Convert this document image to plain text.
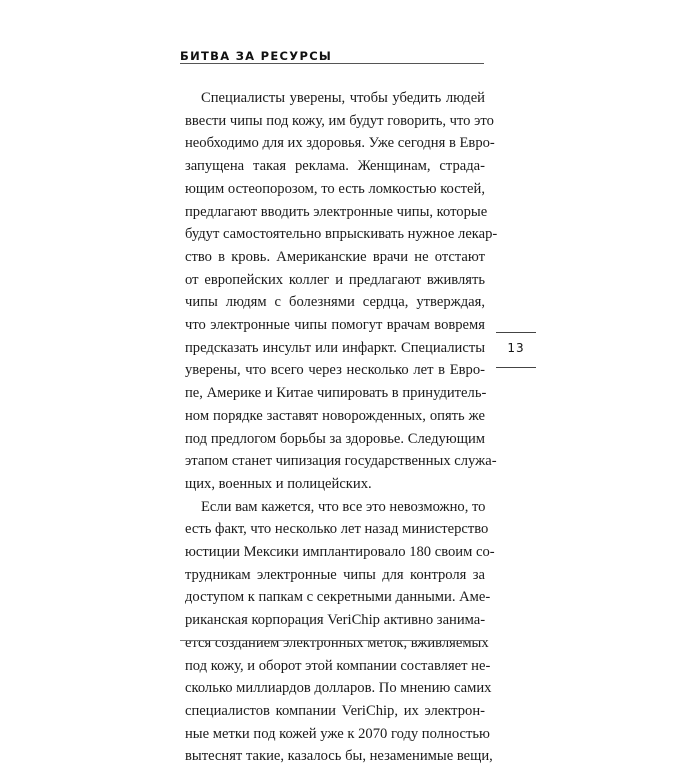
БИТВА ЗА РЕСУРСЫ
Специалисты уверены, чтобы убедить людей
ввести чипы под кожу, им будут говорить, что это
необходимо для их здоровья. Уже сегодня в Евро-
запущена такая реклама. Женщинам, страда-
ющим остеопорозом, то есть ломкостью костей,
предлагают вводить электронные чипы, которые
будут самостоятельно впрыскивать нужное лекар-
ство в кровь. Американские врачи не отстают
от европейских коллег и предлагают вживлять
чипы людям с болезнями сердца, утверждая,
что электронные чипы помогут врачам вовремя
предсказать инсульт или инфаркт. Специалисты
уверены, что всего через несколько лет в Евро-
пе, Америке и Китае чипировать в принудитель-
ном порядке заставят новорожденных, опять же
под предлогом борьбы за здоровье. Следующим
этапом станет чипизация государственных служа-
щих, военных и полицейских.
Если вам кажется, что все это невозможно, то
есть факт, что несколько лет назад министерство
юстиции Мексики имплантировало 180 своим со-
трудникам электронные чипы для контроля за
доступом к папкам с секретными данными. Аме-
риканская корпорация VeriChip активно занима-
ется созданием электронных меток, вживляемых
под кожу, и оборот этой компании составляет не-
сколько миллиардов долларов. По мнению самих
специалистов компании VeriChip, их электрон-
ные метки под кожей уже к 2070 году полностью
вытеснят такие, казалось бы, незаменимые вещи,
13
